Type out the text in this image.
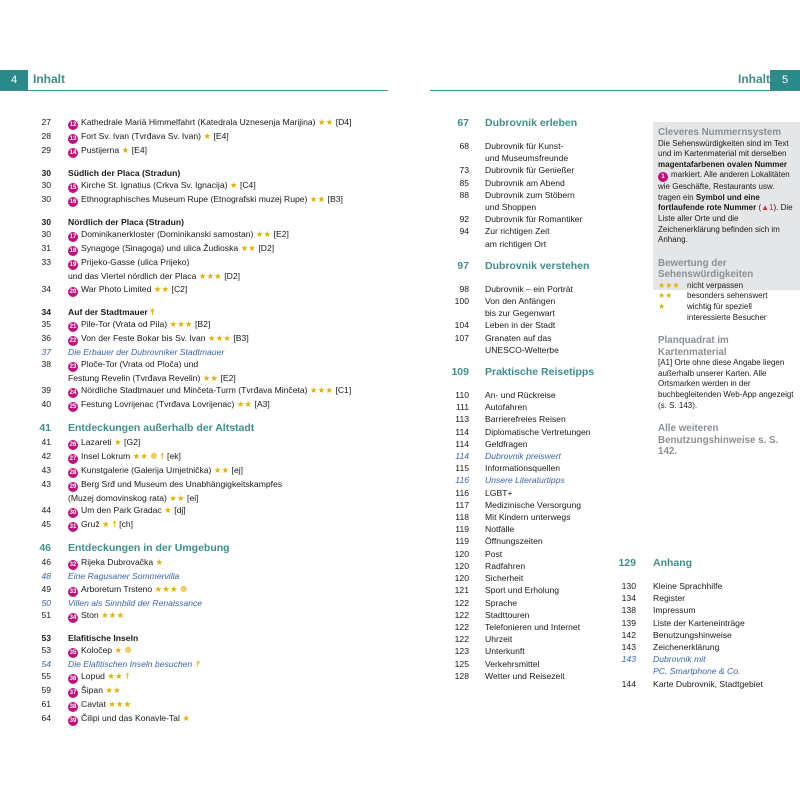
4	Inhalt	Inhalt	5
27	12 Kathedrale Mariä Himmelfahrt (Katedrala Uznesenja Marijina) ★★ [D4]
28	13 Fort Sv. Ivan (Tvrđava Sv. Ivan) ★ [E4]
29	14 Pustijerna ★ [E4]
30 Südlich der Placa (Stradun)
30	15 Kirche St. Ignatius (Crkva Sv. Ignacija) ★ [C4]
30	16 Ethnographisches Museum Rupe (Etnografski muzej Rupe) ★★ [B3]
30 Nördlich der Placa (Stradun)
30	17 Dominikanerkloster (Dominikanski samostan) ★★ [E2]
31	18 Synagoge (Sinagoga) und ulica Žudioska ★★ [D2]
33	19 Prijeko-Gasse (ulica Prijeko)
und das Viertel nördlich der Placa ★★★ [D2]
34	20 War Photo Limited ★★ [C2]
34 Auf der Stadtmauer ☨
35	21 Pile-Tor (Vrata od Pila) ★★★ [B2]
36	22 Von der Feste Bokar bis Sv. Ivan ★★★ [B3]
37 Die Erbauer der Dubrovniker Stadtmauer
38	23 Ploče-Tor (Vrata od Ploča) und
Festung Revelin (Tvrđava Revelin) ★★ [E2]
39	24 Nördliche Stadtmauer und Minčeta-Turm (Tvrđava Minčeta) ★★★ [C1]
40	25 Festung Lovrijenac (Tvrđava Lovrijenac) ★★ [A3]
41 Entdeckungen außerhalb der Altstadt
41	26 Lazareti ★ [G2]
42	27 Insel Lokrum ★★ ❁ ☨ [ek]
43	28 Kunstgalerie (Galerija Umjetnička) ★★ [ej]
43	29 Berg Srđ und Museum des Unabhängigkeitskampfes
(Muzej domovinskog rata) ★★ [ei]
44	30 Um den Park Gradac ★ [dj]
45	31 Gruž ★ ☨ [ch]
46 Entdeckungen in der Umgebung
46	32 Rijeka Dubrovačka ★
48 Eine Ragusaner Sommervilla
49	33 Arboretum Trsteno ★★★ ❁
50 Villen als Sinnbild der Renaissance
51	34 Ston ★★★
53 Elafitische Inseln
53	35 Koločep ★ ❁
54 Die Elafitischen Inseln besuchen ☨
55	36 Lopud ★★ ☨
59	37 Šipan ★★
61	38 Cavtat ★★★
64	39 Čilipi und das Konavle-Tal ★
67 Dubrovnik erleben
68 Dubrovnik für Kunst-
und Museumsfreunde
73 Dubrovnik für Genießer
85 Dubrovnik am Abend
88 Dubrovnik zum Stöbern
und Shoppen
92 Dubrovnik für Romantiker
94 Zur richtigen Zeit
am richtigen Ort
97 Dubrovnik verstehen
98 Dubrovnik – ein Porträt
100 Von den Anfängen
bis zur Gegenwart
104 Leben in der Stadt
107 Granaten auf das
UNESCO-Welterbe
109 Praktische Reisetipps
110 An- und Rückreise
111 Autofahren
113 Barrierefreies Reisen
114 Diplomatische Vertretungen
114 Geldfragen
114 Dubrovnik preiswert
115 Informationsquellen
116 Unsere Literaturtipps
116 LGBT+
117 Medizinische Versorgung
118 Mit Kindern unterwegs
119 Notfälle
119 Öffnungszeiten
120 Post
120 Radfahren
120 Sicherheit
121 Sport und Erholung
122 Sprache
122 Stadttouren
122 Telefonieren und Internet
122 Uhrzeit
123 Unterkunft
125 Verkehrsmittel
128 Wetter und Reisezeit
129 Anhang
130 Kleine Sprachhilfe
134 Register
138 Impressum
139 Liste der Karteneinträge
142 Benutzungshinweise
143 Zeichenerklärung
143 Dubrovnik mit
PC, Smartphone & Co.
144 Karte Dubrovnik, Stadtgebiet
Cleveres Nummernsystem

Die Sehenswürdigkeiten sind im Text und im Kartenmaterial mit derselben magentafarbenen ovalen Nummer 1 markiert. Alle anderen Lokalitäten wie Geschäfte, Restaurants usw. tragen ein Symbol und eine fortlaufende rote Nummer (▲1). Die Liste aller Orte und die Zeichenerklärung befinden sich im Anhang.

Bewertung der Sehenswürdigkeiten
★★★ nicht verpassen
★★	besonders sehenswert
★	wichtig für speziell interessierte Besucher
Planquadrat im Kartenmaterial

[A1] Orte ohne diese Angabe liegen außerhalb unserer Karten. Alle Ortsmarken werden in der buchbegleitenden Web-App angezeigt (s. S. 143).

Alle weiteren Benutzungshinweise s. S. 142.
